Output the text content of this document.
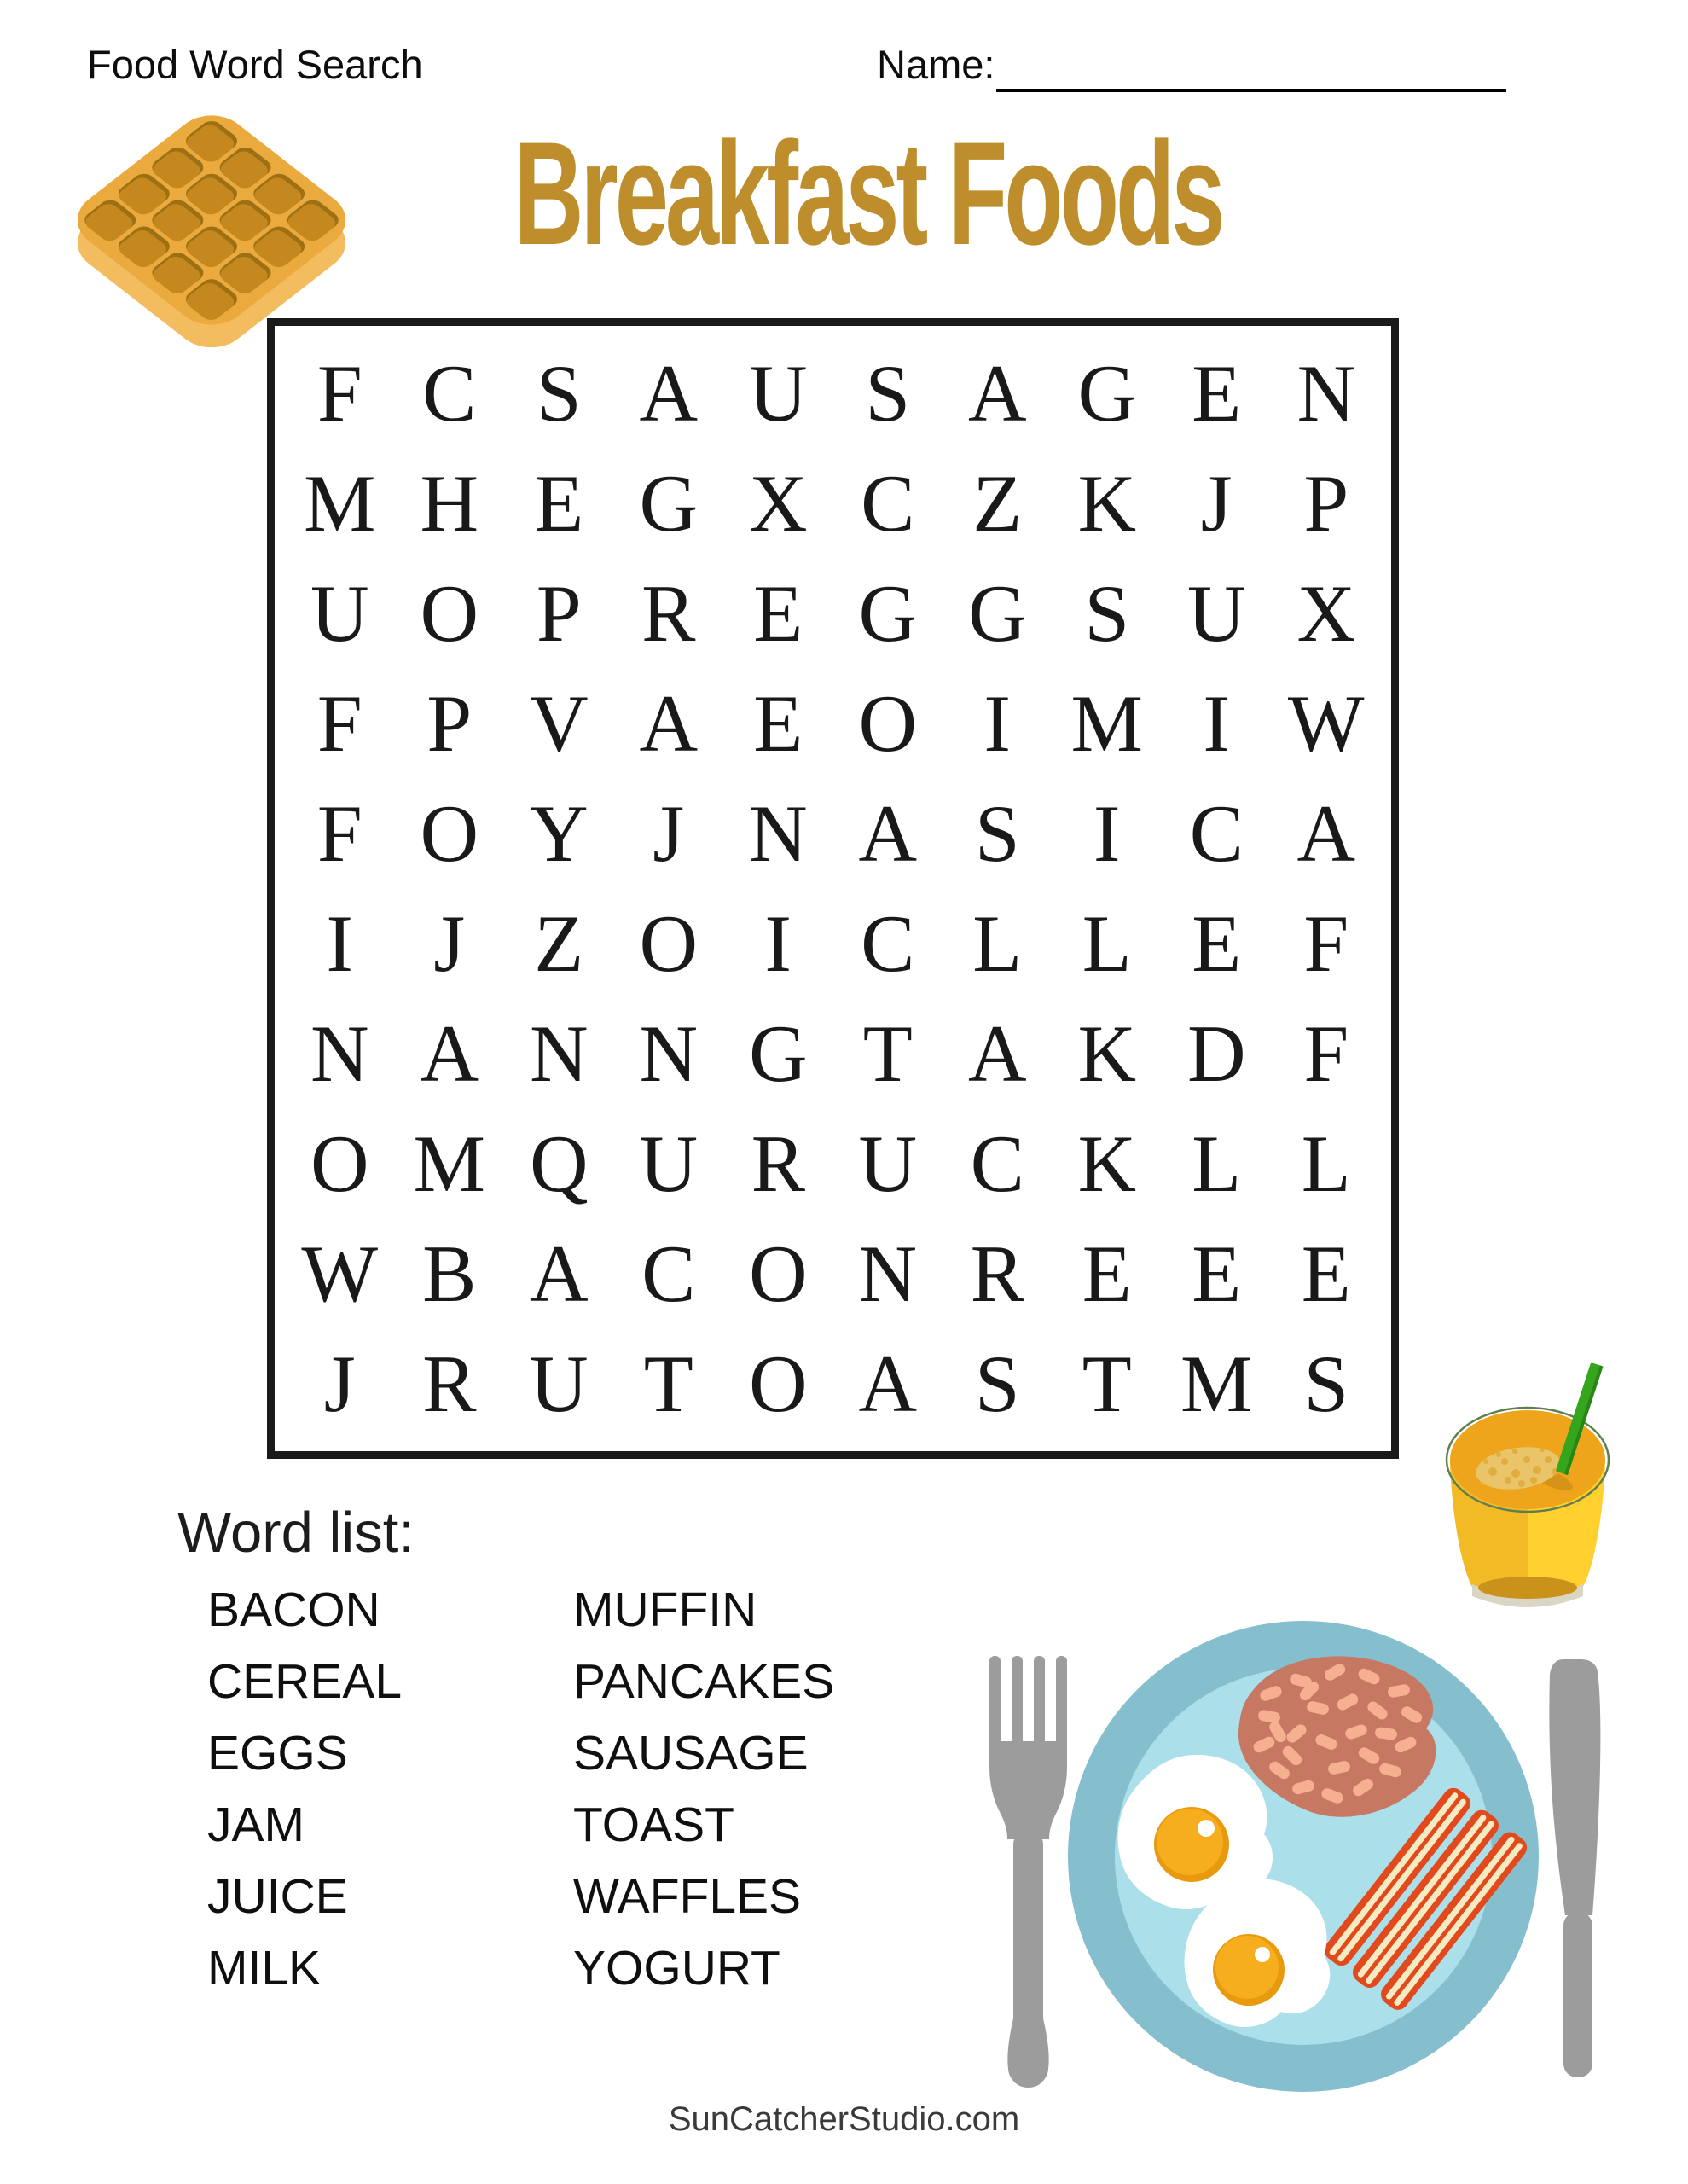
Food Word Search	Name:
Breakfast Foods
F C S A U S A G E N
M H E G X C Z K J P
U O P R E G G S U X
F P V A E O I M I W
F O Y J N A S I C A
I J Z O I C L L E F
N A N N G T A K D F
O M Q U R U C K L L
W B A C O N R E E E
J R U T O A S T M S
Word list:
BACON
CEREAL
EGGS
JAM
JUICE
MILK
MUFFIN
PANCAKES
SAUSAGE
TOAST
WAFFLES
YOGURT
SunCatcherStudio.com
